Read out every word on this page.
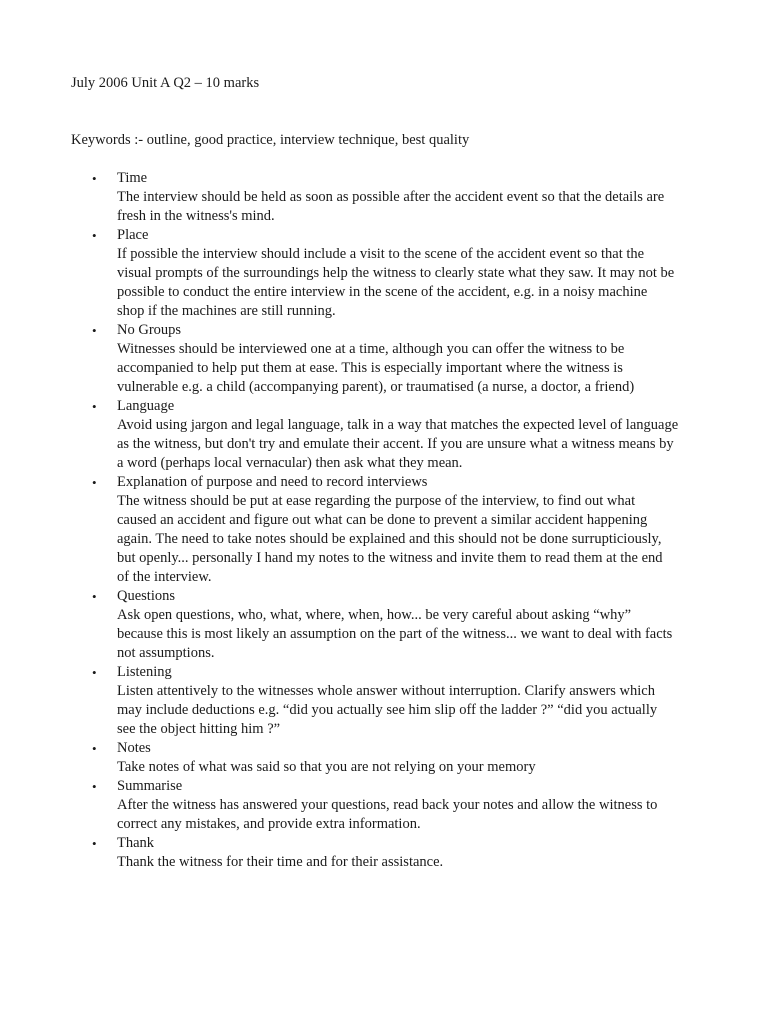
July 2006 Unit A Q2 – 10 marks
Keywords :- outline, good practice, interview technique, best quality
• Time
The interview should be held as soon as possible after the accident event so that the details are
fresh in the witness's mind.
• Place
If possible the interview should include a visit to the scene of the accident event so that the
visual prompts of the surroundings help the witness to clearly state what they saw. It may not be
possible to conduct the entire interview in the scene of the accident, e.g. in a noisy machine
shop if the machines are still running.
• No Groups
Witnesses should be interviewed one at a time, although you can offer the witness to be
accompanied to help put them at ease. This is especially important where the witness is
vulnerable e.g. a child (accompanying parent), or traumatised (a nurse, a doctor, a friend)
• Language
Avoid using jargon and legal language, talk in a way that matches the expected level of language
as the witness, but don't try and emulate their accent. If you are unsure what a witness means by
a word (perhaps local vernacular) then ask what they mean.
• Explanation of purpose and need to record interviews
The witness should be put at ease regarding the purpose of the interview, to find out what
caused an accident and figure out what can be done to prevent a similar accident happening
again. The need to take notes should be explained and this should not be done surrupticiously,
but openly... personally I hand my notes to the witness and invite them to read them at the end
of the interview.
• Questions
Ask open questions, who, what, where, when, how... be very careful about asking “why”
because this is most likely an assumption on the part of the witness... we want to deal with facts
not assumptions.
• Listening
Listen attentively to the witnesses whole answer without interruption. Clarify answers which
may include deductions e.g. “did you actually see him slip off the ladder ?” “did you actually
see the object hitting him ?”
• Notes
Take notes of what was said so that you are not relying on your memory
• Summarise
After the witness has answered your questions, read back your notes and allow the witness to
correct any mistakes, and provide extra information.
• Thank
Thank the witness for their time and for their assistance.
